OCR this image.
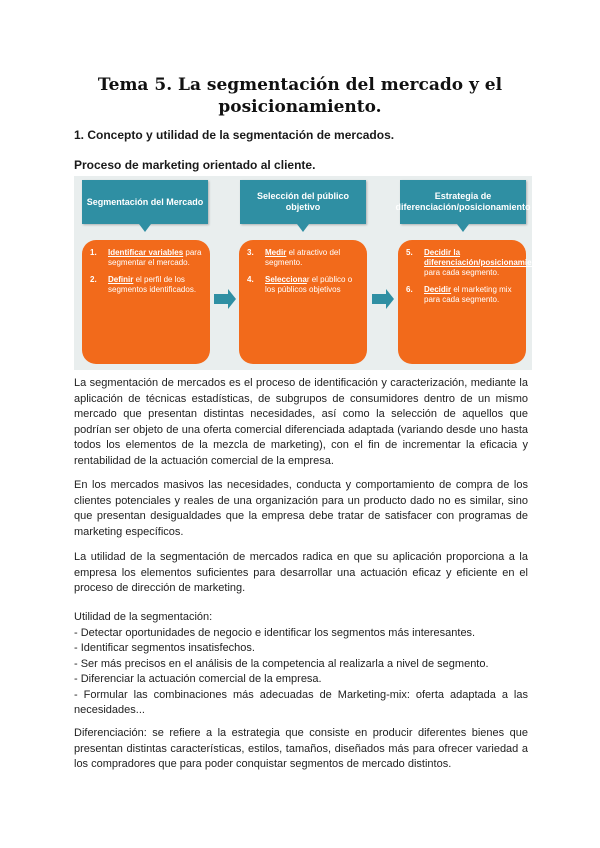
Tema 5. La segmentación del mercado y el posicionamiento.
1. Concepto y utilidad de la segmentación de mercados.
Proceso de marketing orientado al cliente.
Segmentación del Mercado
1.	Identificar variables para segmentar el mercado.
2.	Definir el perfil de los segmentos identificados.
Selección del público objetivo
3.	Medir el atractivo del segmento.
4.	Seleccionar el público o los públicos objetivos
Estrategia de diferenciación/posicionamiento
5.	Decidir la diferenciación/posicionamiento para cada segmento.
6.	Decidir el marketing mix para cada segmento.
La segmentación de mercados es el proceso de identificación y caracterización, mediante la aplicación de técnicas estadísticas, de subgrupos de consumidores dentro de un mismo mercado que presentan distintas necesidades, así como la selección de aquellos que podrían ser objeto de una oferta comercial diferenciada adaptada (variando desde uno hasta todos los elementos de la mezcla de marketing), con el fin de incrementar la eficacia y rentabilidad de la actuación comercial de la empresa.
En los mercados masivos las necesidades, conducta y comportamiento de compra de los clientes potenciales y reales de una organización para un producto dado no es similar, sino que presentan desigualdades que la empresa debe tratar de satisfacer con programas de marketing específicos.
La utilidad de la segmentación de mercados radica en que su aplicación proporciona a la empresa los elementos suficientes para desarrollar una actuación eficaz y eficiente en el proceso de dirección de marketing.
Utilidad de la segmentación:
- Detectar oportunidades de negocio e identificar los segmentos más interesantes.
- Identificar segmentos insatisfechos.
- Ser más precisos en el análisis de la competencia al realizarla a nivel de segmento.
- Diferenciar la actuación comercial de la empresa.
- Formular las combinaciones más adecuadas de Marketing-mix: oferta adaptada a las necesidades...
Diferenciación: se refiere a la estrategia que consiste en producir diferentes bienes que presentan distintas características, estilos, tamaños, diseñados más para ofrecer variedad a los compradores que para poder conquistar segmentos de mercado distintos.
